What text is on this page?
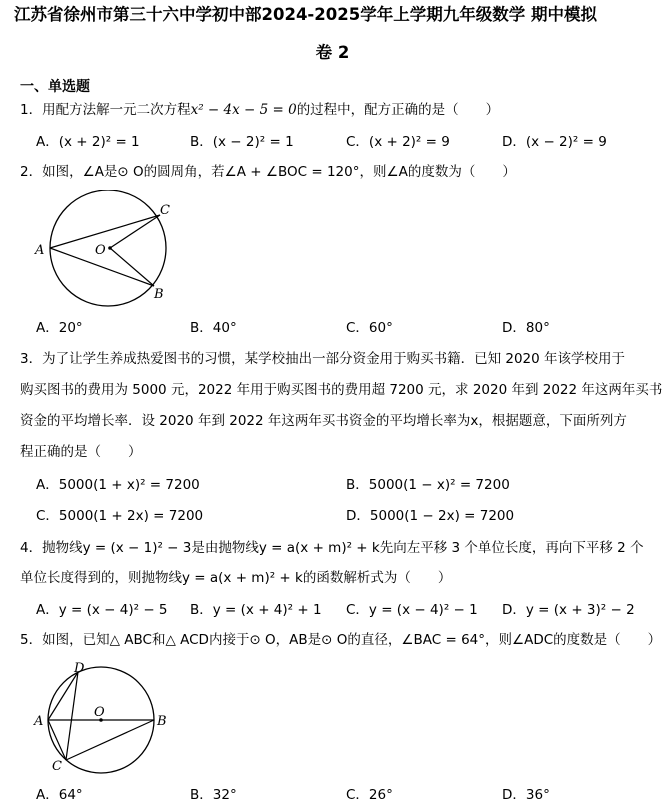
江苏省徐州市第三十六中学初中部2024-2025学年上学期九年级数学 期中模拟
卷 2
一、单选题
1．用配方法解一元二次方程x² − 4x − 5 = 0的过程中，配方正确的是（　　）
A．(x + 2)² = 1	B．(x − 2)² = 1	C．(x + 2)² = 9	D．(x − 2)² = 9
2．如图，∠A是⊙ O的圆周角，若∠A + ∠BOC = 120°，则∠A的度数为（　　）
A	O
C
B
A．20°	B．40°	C．60°	D．80°
3．为了让学生养成热爱图书的习惯，某学校抽出一部分资金用于购买书籍．已知 2020 年该学校用于
购买图书的费用为 5000 元，2022 年用于购买图书的费用超 7200 元，求 2020 年到 2022 年这两年买书
资金的平均增长率．设 2020 年到 2022 年这两年买书资金的平均增长率为x，根据题意，下面所列方
程正确的是（　　）
A．5000(1 + x)² = 7200	B．5000(1 − x)² = 7200
C．5000(1 + 2x) = 7200	D．5000(1 − 2x) = 7200
4．抛物线y = (x − 1)² − 3是由抛物线y = a(x + m)² + k先向左平移 3 个单位长度，再向下平移 2 个
单位长度得到的，则抛物线y = a(x + m)² + k的函数解析式为（　　）
A．y = (x − 4)² − 5 B．y = (x + 4)² + 1 C．y = (x − 4)² − 1 D．y = (x + 3)² − 2
5．如图，已知△ ABC和△ ACD内接于⊙ O，AB是⊙ O的直径，∠BAC = 64°，则∠ADC的度数是（　　）
D
A
O
B
C
A．64°	B．32°	C．26°	D．36°
